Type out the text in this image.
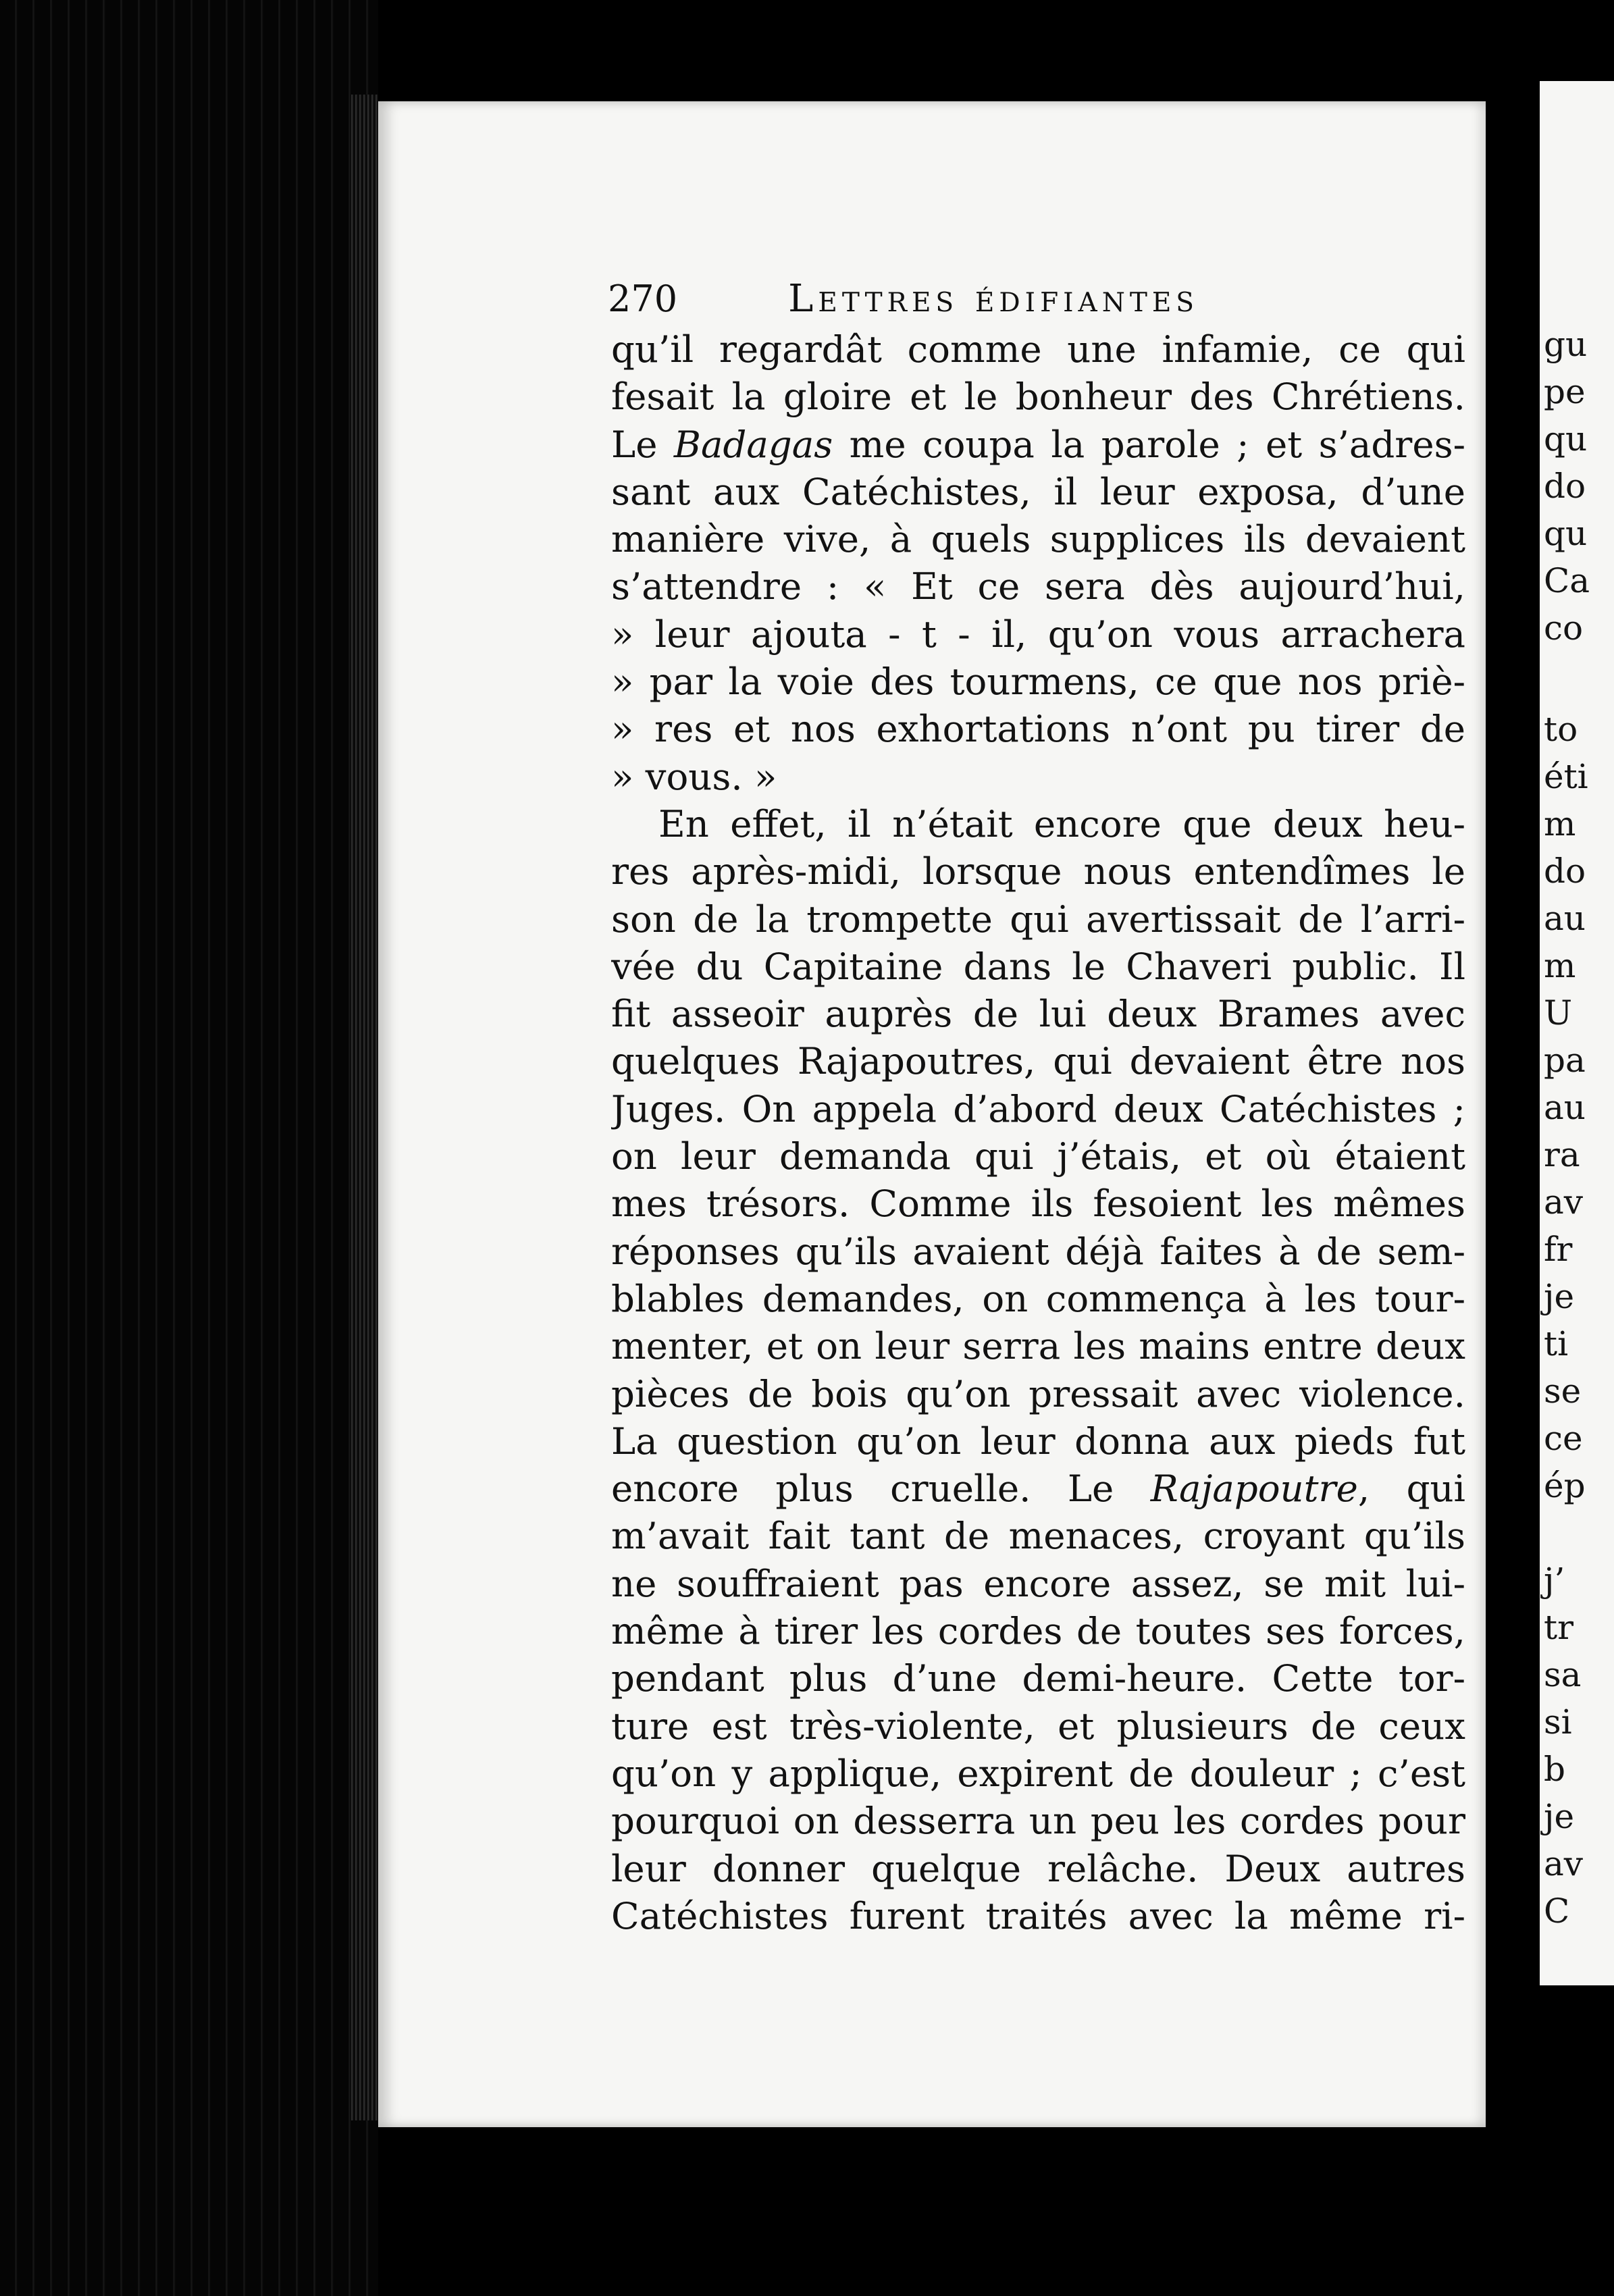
270	Lettres édifiantes
qu’il regardât comme une infamie, ce qui
fesait la gloire et le bonheur des Chrétiens.
Le Badagas me coupa la parole ; et s’adres-
sant aux Catéchistes, il leur exposa, d’une
manière vive, à quels supplices ils devaient
s’attendre : « Et ce sera dès aujourd’hui,
» leur ajouta - t - il, qu’on vous arrachera
» par la voie des tourmens, ce que nos priè-
» res et nos exhortations n’ont pu tirer de
» vous. »
En effet, il n’était encore que deux heu-
res après-midi, lorsque nous entendîmes le
son de la trompette qui avertissait de l’arri-
vée du Capitaine dans le Chaveri public. Il
fit asseoir auprès de lui deux Brames avec
quelques Rajapoutres, qui devaient être nos
Juges. On appela d’abord deux Catéchistes ;
on leur demanda qui j’étais, et où étaient
mes trésors. Comme ils fesoient les mêmes
réponses qu’ils avaient déjà faites à de sem-
blables demandes, on commença à les tour-
menter, et on leur serra les mains entre deux
pièces de bois qu’on pressait avec violence.
La question qu’on leur donna aux pieds fut
encore plus cruelle. Le Rajapoutre, qui
m’avait fait tant de menaces, croyant qu’ils
ne souffraient pas encore assez, se mit lui-
même à tirer les cordes de toutes ses forces,
pendant plus d’une demi-heure. Cette tor-
ture est très-violente, et plusieurs de ceux
qu’on y applique, expirent de douleur ; c’est
pourquoi on desserra un peu les cordes pour
leur donner quelque relâche. Deux autres
Catéchistes furent traités avec la même ri-
gu
pe
qu
do
qu
Ca
co
to
éti
m
do
au
m
U
pa
au
ra
av
fr
je
ti
se
ce
ép
j’
tr
sa
si
b
je
av
C
